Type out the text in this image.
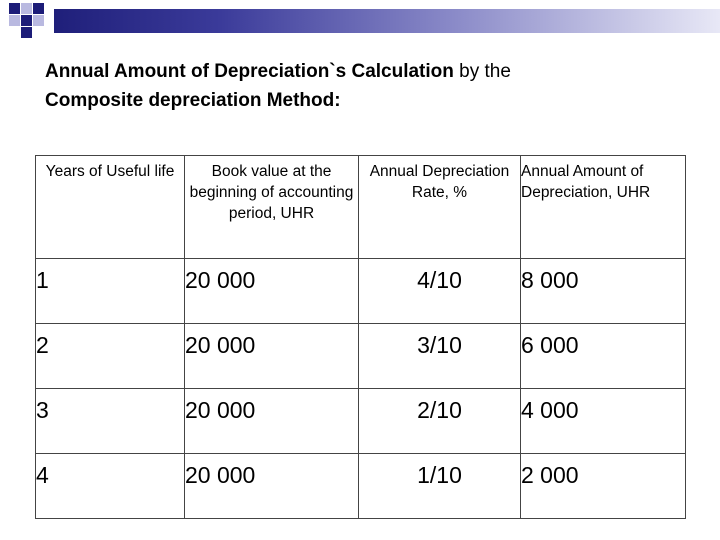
Annual Amount of Depreciation`s Calculation by the
Composite depreciation Method:
Years of Useful life	Book value at the beginning of accounting period, UHR	Annual Depreciation Rate, %	Annual Amount of Depreciation, UHR
1	20 000	4/10	8 000
2	20 000	3/10	6 000
3	20 000	2/10	4 000
4	20 000	1/10	2 000
